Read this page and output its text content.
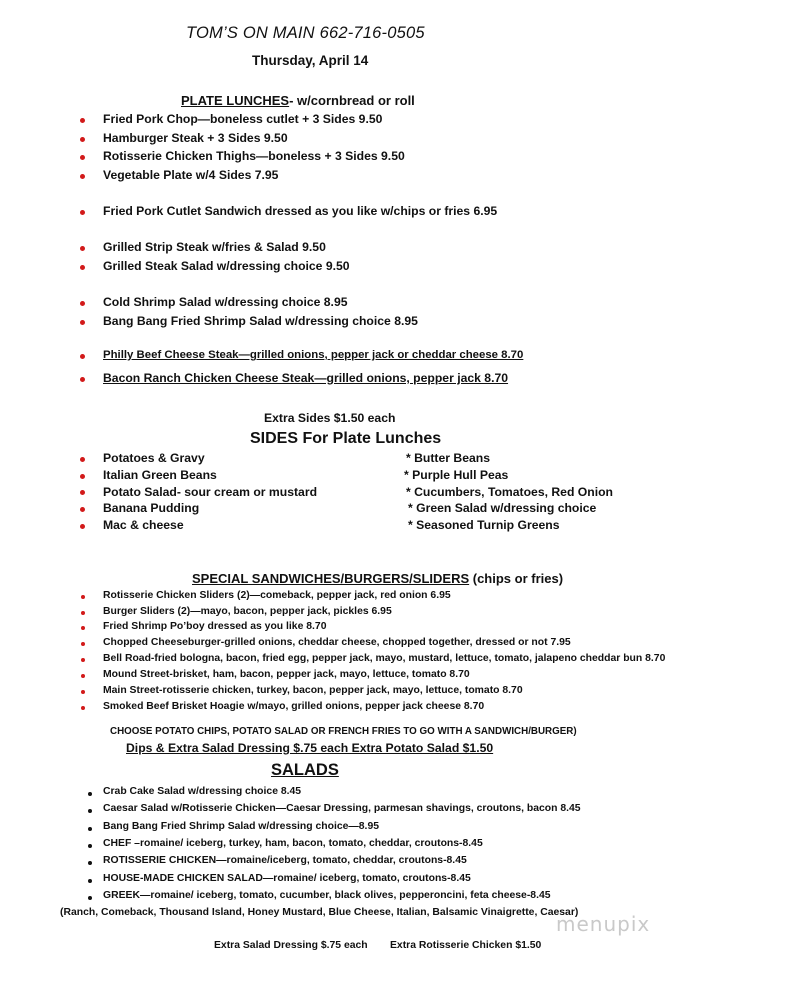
TOM’S ON MAIN 662-716-0505
Thursday, April 14
PLATE LUNCHES- w/cornbread or roll
Fried Pork Chop—boneless cutlet + 3 Sides 9.50
Hamburger Steak + 3 Sides 9.50
Rotisserie Chicken Thighs—boneless + 3 Sides 9.50
Vegetable Plate w/4 Sides 7.95
Fried Pork Cutlet Sandwich dressed as you like w/chips or fries 6.95
Grilled Strip Steak w/fries & Salad 9.50
Grilled Steak Salad w/dressing choice 9.50
Cold Shrimp Salad w/dressing choice 8.95
Bang Bang Fried Shrimp Salad w/dressing choice 8.95
Philly Beef Cheese Steak—grilled onions, pepper jack or cheddar cheese 8.70
Bacon Ranch Chicken Cheese Steak—grilled onions, pepper jack 8.70
Extra Sides $1.50 each
SIDES For Plate Lunches
Potatoes & Gravy
Italian Green Beans
Potato Salad- sour cream or mustard
Banana Pudding
Mac & cheese
* Butter Beans
* Purple Hull Peas
* Cucumbers, Tomatoes, Red Onion
* Green Salad w/dressing choice
* Seasoned Turnip Greens
SPECIAL SANDWICHES/BURGERS/SLIDERS (chips or fries)
Rotisserie Chicken Sliders (2)—comeback, pepper jack, red onion 6.95
Burger Sliders (2)—mayo, bacon, pepper jack, pickles 6.95
Fried Shrimp Po’boy dressed as you like 8.70
Chopped Cheeseburger-grilled onions, cheddar cheese, chopped together, dressed or not 7.95
Bell Road-fried bologna, bacon, fried egg, pepper jack, mayo, mustard, lettuce, tomato, jalapeno cheddar bun 8.70
Mound Street-brisket, ham, bacon, pepper jack, mayo, lettuce, tomato 8.70
Main Street-rotisserie chicken, turkey, bacon, pepper jack, mayo, lettuce, tomato 8.70
Smoked Beef Brisket Hoagie w/mayo, grilled onions, pepper jack cheese 8.70
CHOOSE POTATO CHIPS, POTATO SALAD OR FRENCH FRIES TO GO WITH A SANDWICH/BURGER)
Dips & Extra Salad Dressing $.75 each Extra Potato Salad $1.50
SALADS
Crab Cake Salad w/dressing choice 8.45
Caesar Salad w/Rotisserie Chicken—Caesar Dressing, parmesan shavings, croutons, bacon 8.45
Bang Bang Fried Shrimp Salad w/dressing choice—8.95
CHEF –romaine/ iceberg, turkey, ham, bacon, tomato, cheddar, croutons-8.45
ROTISSERIE CHICKEN—romaine/iceberg, tomato, cheddar, croutons-8.45
HOUSE-MADE CHICKEN SALAD—romaine/ iceberg, tomato, croutons-8.45
GREEK—romaine/ iceberg, tomato, cucumber, black olives, pepperoncini, feta cheese-8.45
(Ranch, Comeback, Thousand Island, Honey Mustard, Blue Cheese, Italian, Balsamic Vinaigrette, Caesar)
menupix
Extra Salad Dressing $.75 each Extra Rotisserie Chicken $1.50
